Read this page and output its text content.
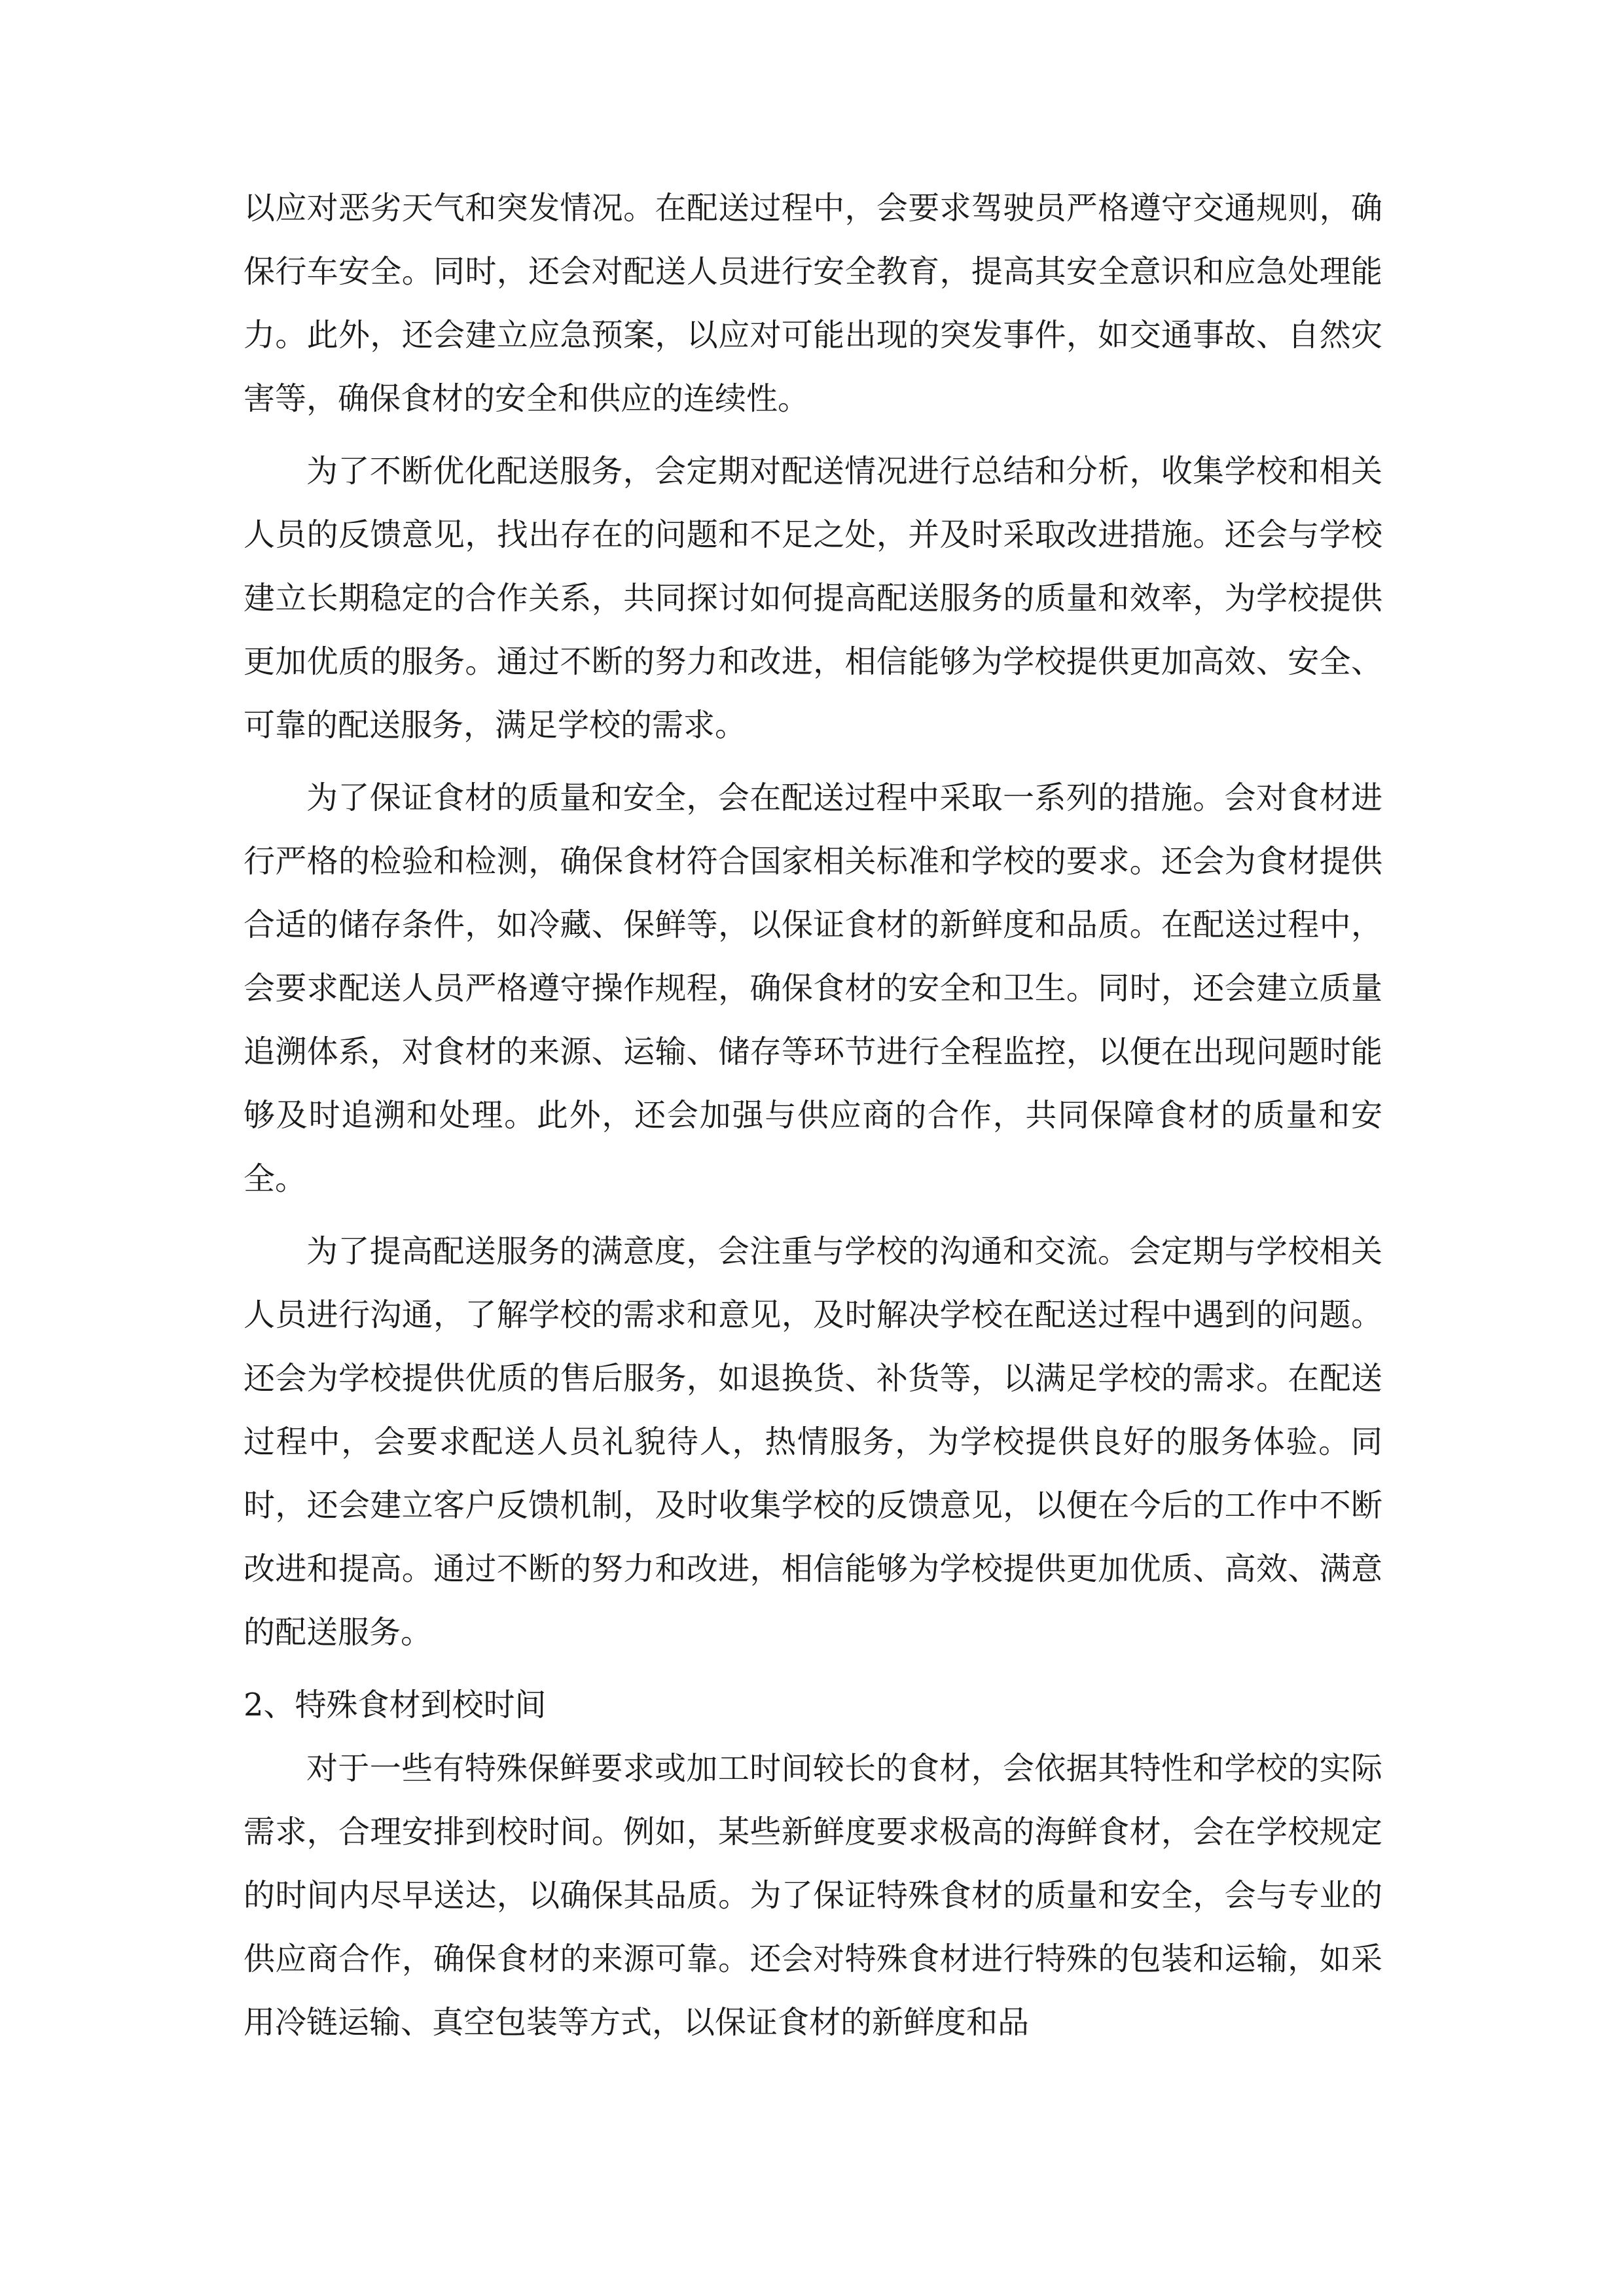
以应对恶劣天气和突发情况。在配送过程中，会要求驾驶员严格遵守交通规则，确保行车安全。同时，还会对配送人员进行安全教育，提高其安全意识和应急处理能力。此外，还会建立应急预案，以应对可能出现的突发事件，如交通事故、自然灾害等，确保食材的安全和供应的连续性。

为了不断优化配送服务，会定期对配送情况进行总结和分析，收集学校和相关人员的反馈意见，找出存在的问题和不足之处，并及时采取改进措施。还会与学校建立长期稳定的合作关系，共同探讨如何提高配送服务的质量和效率，为学校提供更加优质的服务。通过不断的努力和改进，相信能够为学校提供更加高效、安全、可靠的配送服务，满足学校的需求。

为了保证食材的质量和安全，会在配送过程中采取一系列的措施。会对食材进行严格的检验和检测，确保食材符合国家相关标准和学校的要求。还会为食材提供合适的储存条件，如冷藏、保鲜等，以保证食材的新鲜度和品质。在配送过程中，会要求配送人员严格遵守操作规程，确保食材的安全和卫生。同时，还会建立质量追溯体系，对食材的来源、运输、储存等环节进行全程监控，以便在出现问题时能够及时追溯和处理。此外，还会加强与供应商的合作，共同保障食材的质量和安全。

为了提高配送服务的满意度，会注重与学校的沟通和交流。会定期与学校相关人员进行沟通，了解学校的需求和意见，及时解决学校在配送过程中遇到的问题。还会为学校提供优质的售后服务，如退换货、补货等，以满足学校的需求。在配送过程中，会要求配送人员礼貌待人，热情服务，为学校提供良好的服务体验。同时，还会建立客户反馈机制，及时收集学校的反馈意见，以便在今后的工作中不断改进和提高。通过不断的努力和改进，相信能够为学校提供更加优质、高效、满意的配送服务。

2、特殊食材到校时间

对于一些有特殊保鲜要求或加工时间较长的食材，会依据其特性和学校的实际需求，合理安排到校时间。例如，某些新鲜度要求极高的海鲜食材，会在学校规定的时间内尽早送达，以确保其品质。为了保证特殊食材的质量和安全，会与专业的供应商合作，确保食材的来源可靠。还会对特殊食材进行特殊的包装和运输，如采用冷链运输、真空包装等方式，以保证食材的新鲜度和品
